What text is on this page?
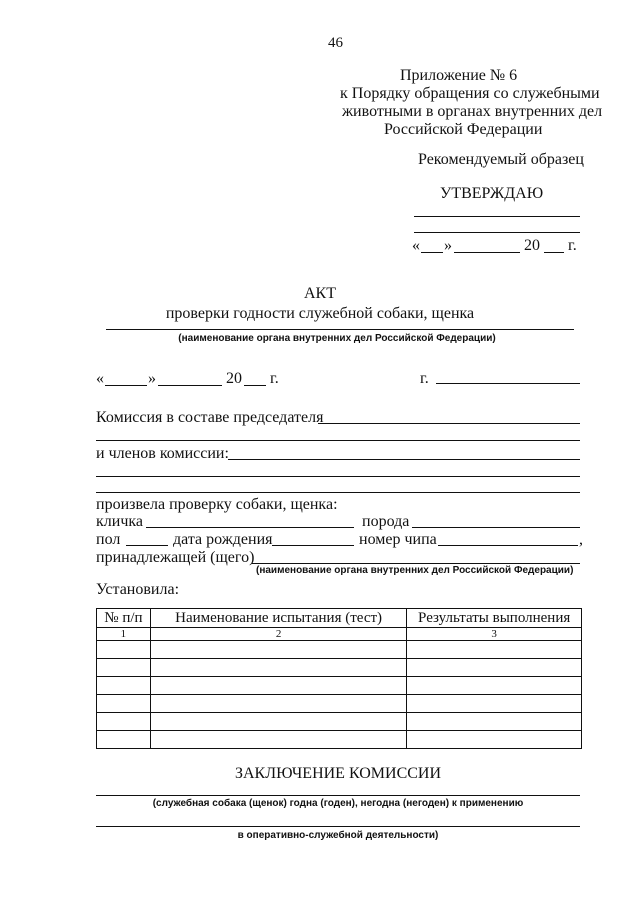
46
Приложение № 6
к Порядку обращения со служебными
животными в органах внутренних дел
Российской Федерации
Рекомендуемый образец
УТВЕРЖДАЮ
« »	20 г.
АКТ
проверки годности служебной собаки, щенка
(наименование органа внутренних дел Российской Федерации)
«	»	20 г.	г.
Комиссия в составе председателя
и членов комиссии:
произвела проверку собаки, щенка:
кличка	порода
пол	дата рождения	номер чипа	,
принадлежащей (щего)
(наименование органа внутренних дел Российской Федерации)
Установила:
№ п/п	Наименование испытания (тест)	Результаты выполнения
1	2	3

ЗАКЛЮЧЕНИЕ КОМИССИИ
(служебная собака (щенок) годна (годен), негодна (негоден) к применению
в оперативно-служебной деятельности)
